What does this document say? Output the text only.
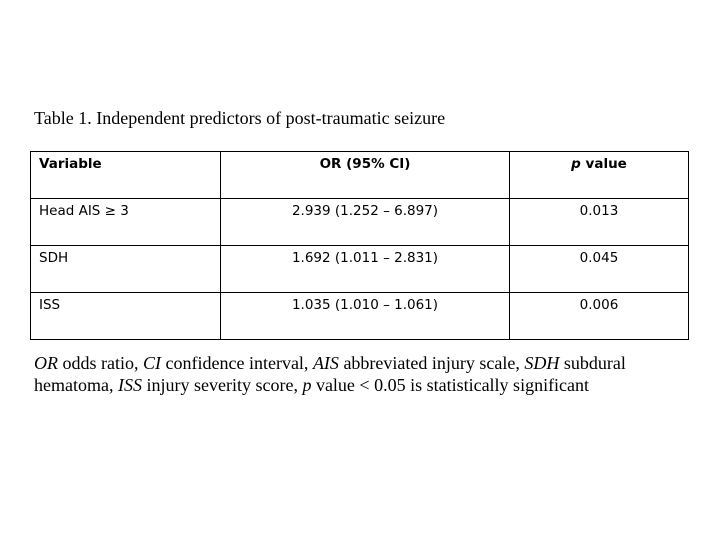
Table 1. Independent predictors of post-traumatic seizure
Variable	OR (95% CI)	p value
Head AIS ≥ 3	2.939 (1.252 – 6.897)	0.013
SDH	1.692 (1.011 – 2.831)	0.045
ISS	1.035 (1.010 – 1.061)	0.006
OR odds ratio, CI confidence interval, AIS abbreviated injury scale, SDH subdural hematoma, ISS injury severity score, p value < 0.05 is statistically significant
